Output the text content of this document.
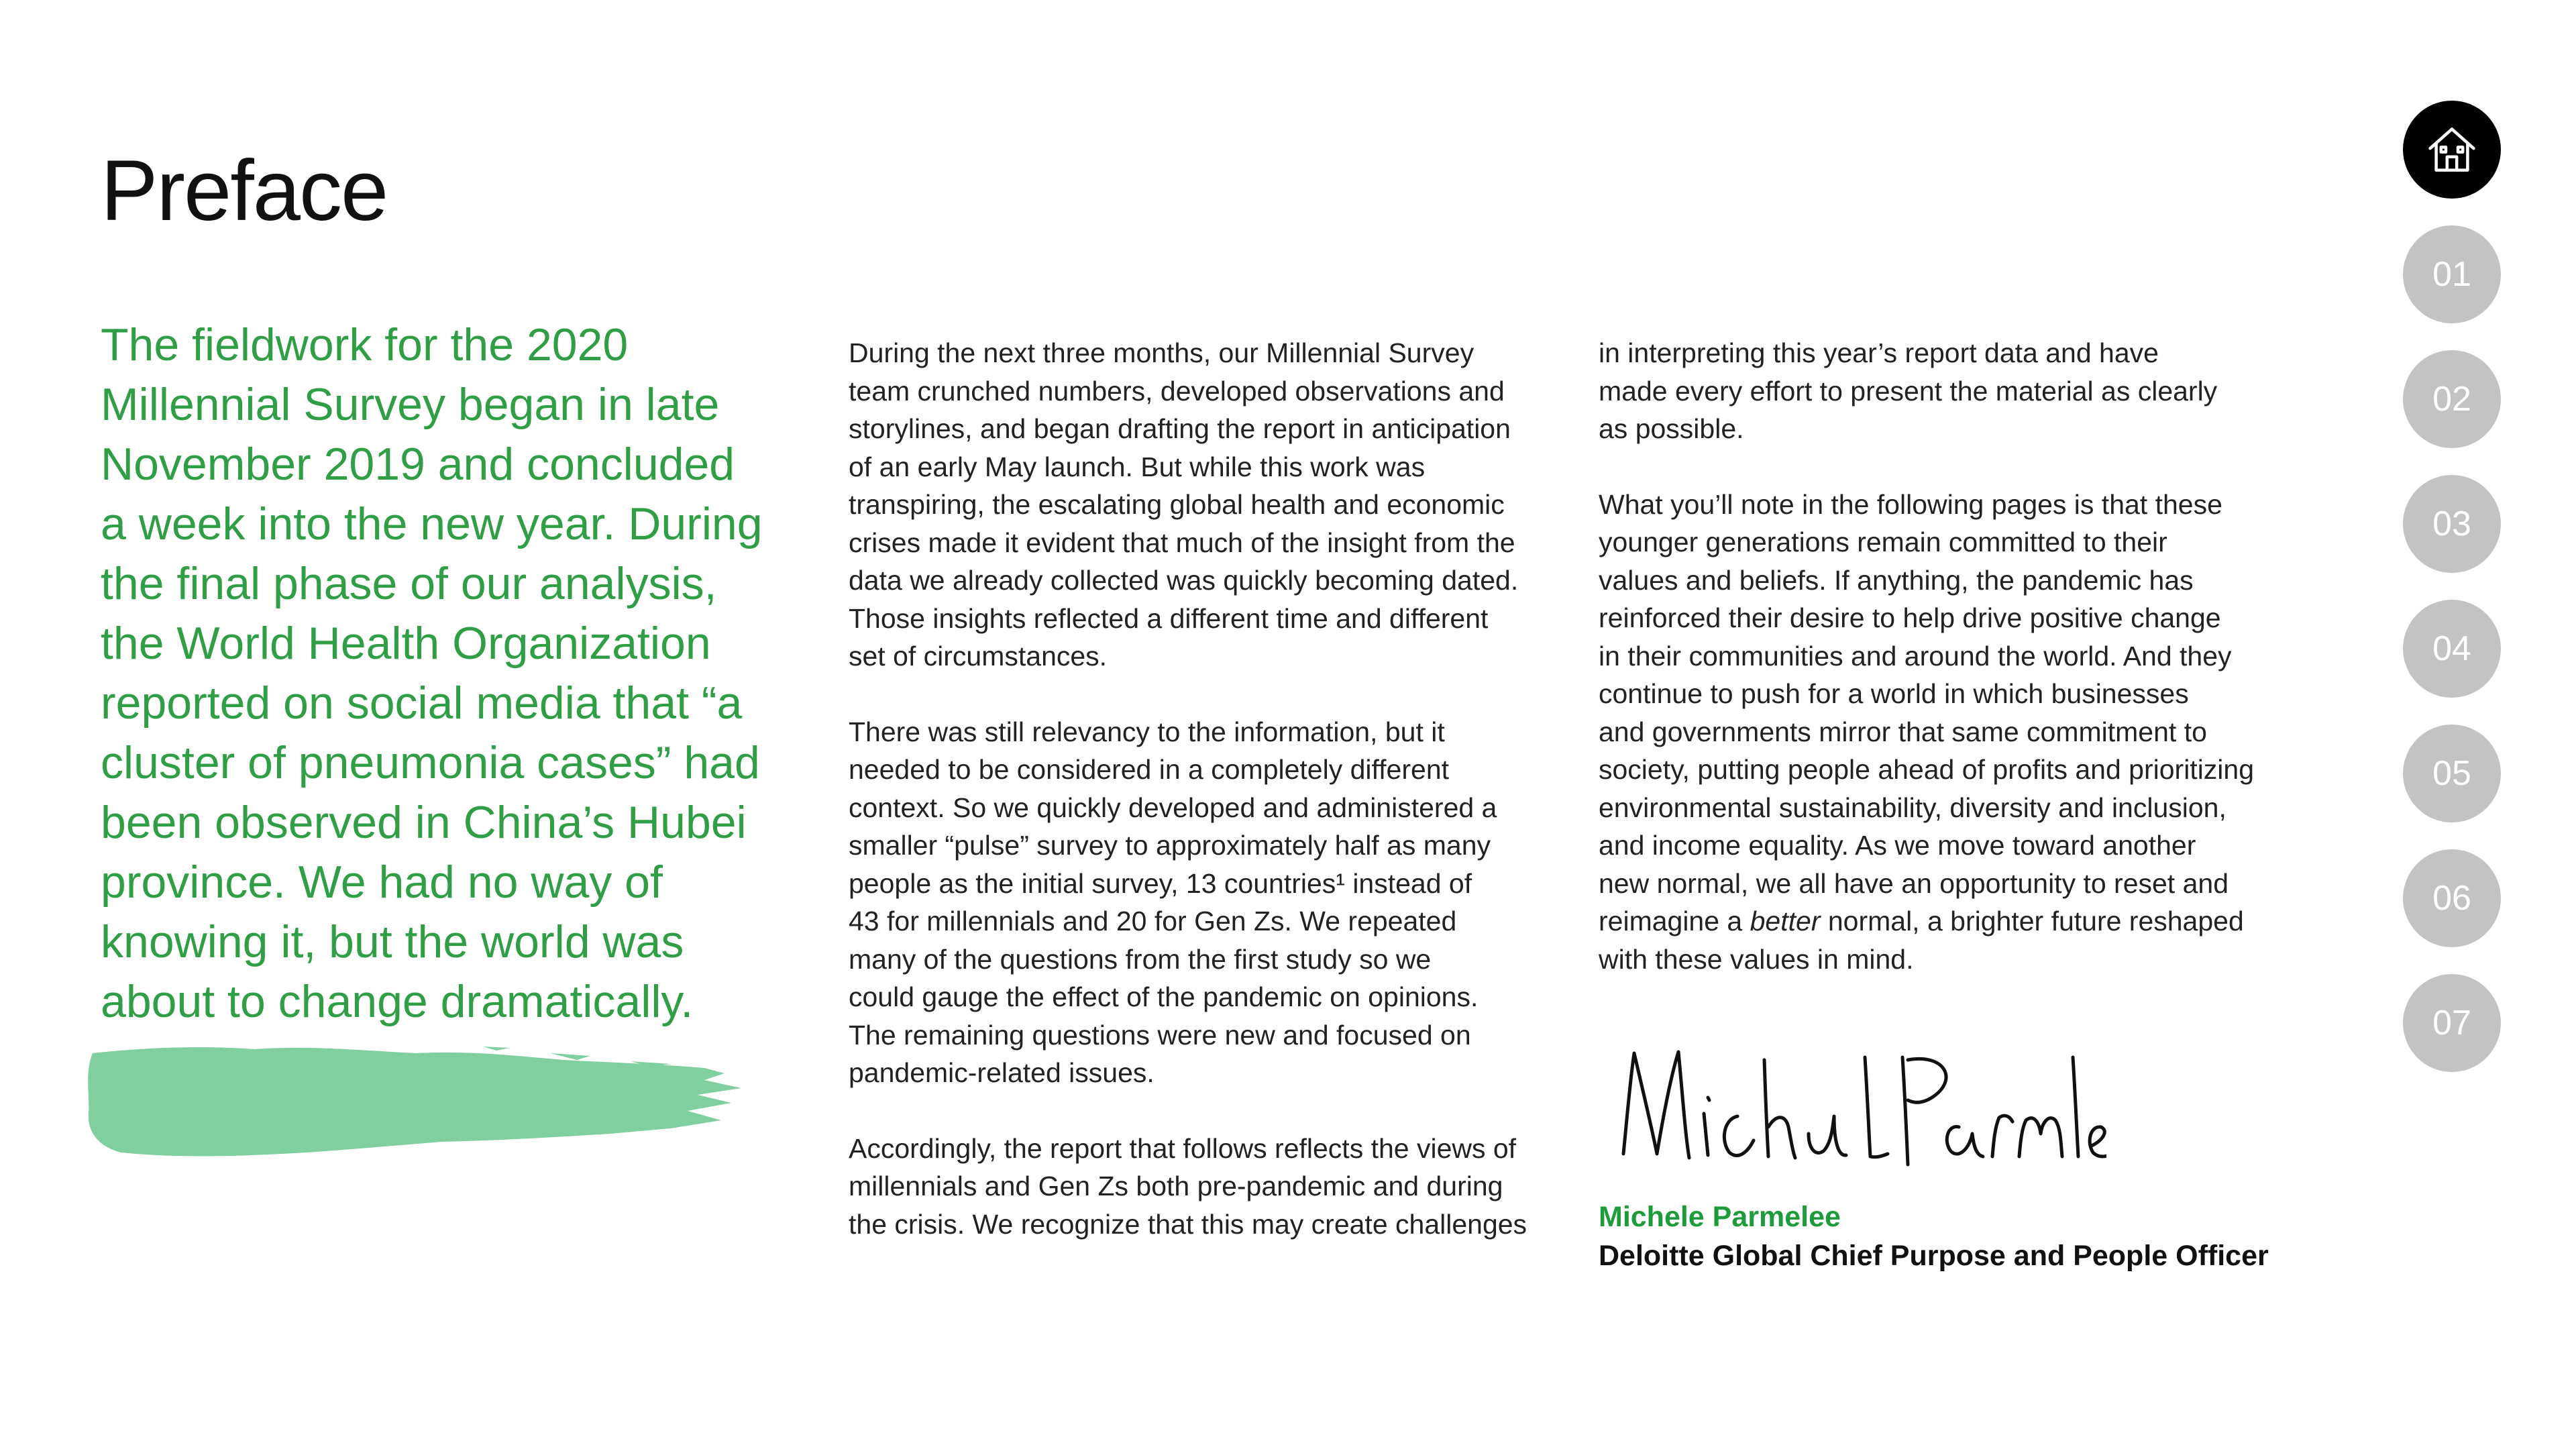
Preface

The fieldwork for the 2020 Millennial Survey began in late November 2019 and concluded a week into the new year. During the final phase of our analysis, the World Health Organization reported on social media that “a cluster of pneumonia cases” had been observed in China’s Hubei province. We had no way of knowing it, but the world was about to change dramatically.

During the next three months, our Millennial Survey
team crunched numbers, developed observations and
storylines, and began drafting the report in anticipation
of an early May launch. But while this work was
transpiring, the escalating global health and economic
crises made it evident that much of the insight from the
data we already collected was quickly becoming dated.
Those insights reflected a different time and different
set of circumstances.

There was still relevancy to the information, but it
needed to be considered in a completely different
context. So we quickly developed and administered a
smaller “pulse” survey to approximately half as many
people as the initial survey, 13 countries¹ instead of
43 for millennials and 20 for Gen Zs. We repeated
many of the questions from the first study so we
could gauge the effect of the pandemic on opinions.
The remaining questions were new and focused on
pandemic-related issues.

Accordingly, the report that follows reflects the views of
millennials and Gen Zs both pre-pandemic and during
the crisis. We recognize that this may create challenges

in interpreting this year’s report data and have
made every effort to present the material as clearly
as possible.

What you’ll note in the following pages is that these
younger generations remain committed to their
values and beliefs. If anything, the pandemic has
reinforced their desire to help drive positive change
in their communities and around the world. And they
continue to push for a world in which businesses
and governments mirror that same commitment to
society, putting people ahead of profits and prioritizing
environmental sustainability, diversity and inclusion,
and income equality. As we move toward another
new normal, we all have an opportunity to reset and
reimagine a better normal, a brighter future reshaped
with these values in mind.

Michele Parmelee
Deloitte Global Chief Purpose and People Officer
01
02
03
04
05
06
07
